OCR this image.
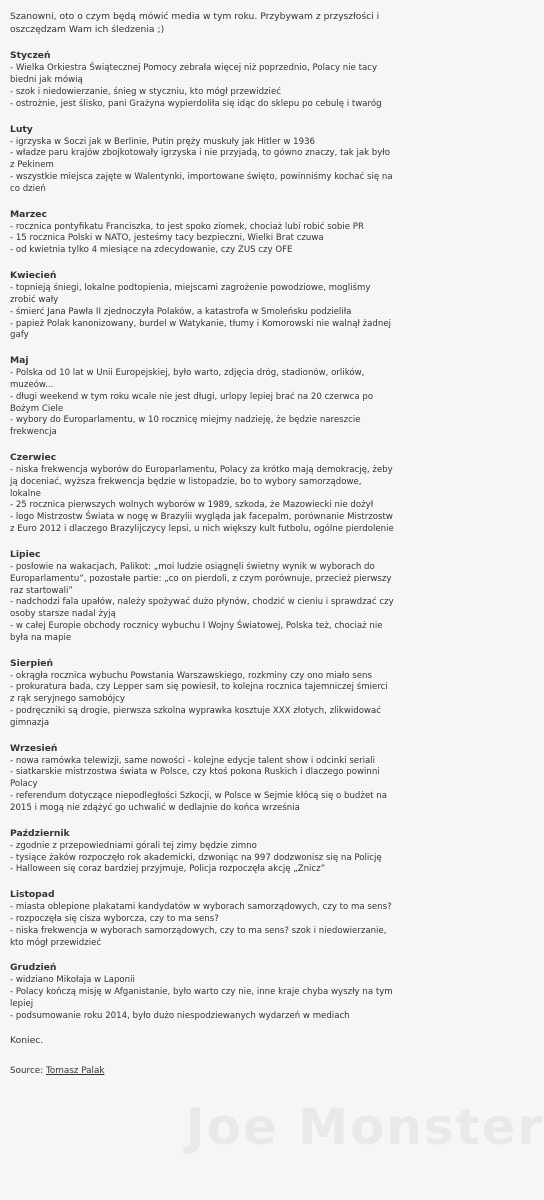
Szanowni, oto o czym będą mówić media w tym roku. Przybywam z przyszłości i oszczędzam Wam ich śledzenia ;)

Styczeń
- Wielka Orkiestra Świątecznej Pomocy zebrała więcej niż poprzednio, Polacy nie tacy biedni jak mówią
- szok i niedowierzanie, śnieg w styczniu, kto mógł przewidzieć
- ostrożnie, jest ślisko, pani Grażyna wypierdoliła się idąc do sklepu po cebulę i twaróg
Luty
- igrzyska w Soczi jak w Berlinie, Putin pręży muskuły jak Hitler w 1936
- władze paru krajów zbojkotowały igrzyska i nie przyjadą, to gówno znaczy, tak jak było z Pekinem
- wszystkie miejsca zajęte w Walentynki, importowane święto, powinniśmy kochać się na co dzień
Marzec
- rocznica pontyfikatu Franciszka, to jest spoko ziomek, chociaż lubi robić sobie PR
- 15 rocznica Polski w NATO, jesteśmy tacy bezpieczni, Wielki Brat czuwa
- od kwietnia tylko 4 miesiące na zdecydowanie, czy ZUS czy OFE
Kwiecień
- topnieją śniegi, lokalne podtopienia, miejscami zagrożenie powodziowe, mogliśmy zrobić wały
- śmierć Jana Pawła II zjednoczyła Polaków, a katastrofa w Smoleńsku podzieliła
- papież Polak kanonizowany, burdel w Watykanie, tłumy i Komorowski nie walnął żadnej gafy
Maj
- Polska od 10 lat w Unii Europejskiej, było warto, zdjęcia dróg, stadionów, orlików, muzeów...
- długi weekend w tym roku wcale nie jest długi, urlopy lepiej brać na 20 czerwca po Bożym Ciele
- wybory do Europarlamentu, w 10 rocznicę miejmy nadzieję, że będzie nareszcie frekwencja
Czerwiec
- niska frekwencja wyborów do Europarlamentu, Polacy za krótko mają demokrację, żeby ją doceniać, wyższa frekwencja będzie w listopadzie, bo to wybory samorządowe, lokalne
- 25 rocznica pierwszych wolnych wyborów w 1989, szkoda, że Mazowiecki nie dożył
- logo Mistrzostw Świata w nogę w Brazylii wygląda jak facepalm, porównanie Mistrzostw z Euro 2012 i dlaczego Brazylijczycy lepsi, u nich większy kult futbolu, ogólne pierdolenie
Lipiec
- posłowie na wakacjach, Palikot: „moi ludzie osiągnęli świetny wynik w wyborach do Europarlamentu”, pozostałe partie: „co on pierdoli, z czym porównuje, przecież pierwszy raz startowali”
- nadchodzi fala upałów, należy spożywać dużo płynów, chodzić w cieniu i sprawdzać czy osoby starsze nadal żyją
- w całej Europie obchody rocznicy wybuchu I Wojny Światowej, Polska też, chociaż nie była na mapie
Sierpień
- okrągła rocznica wybuchu Powstania Warszawskiego, rozkminy czy ono miało sens
- prokuratura bada, czy Lepper sam się powiesił, to kolejna rocznica tajemniczej śmierci z rąk seryjnego samobójcy
- podręczniki są drogie, pierwsza szkolna wyprawka kosztuje XXX złotych, zlikwidować gimnazja
Wrzesień
- nowa ramówka telewizji, same nowości - kolejne edycje talent show i odcinki seriali
- siatkarskie mistrzostwa świata w Polsce, czy ktoś pokona Ruskich i dlaczego powinni Polacy
- referendum dotyczące niepodległości Szkocji, w Polsce w Sejmie kłócą się o budżet na 2015 i mogą nie zdążyć go uchwalić w dedlajnie do końca września
Październik
- zgodnie z przepowiedniami górali tej zimy będzie zimno
- tysiące żaków rozpoczęło rok akademicki, dzwoniąc na 997 dodzwonisz się na Policję
- Halloween się coraz bardziej przyjmuje, Policja rozpoczęła akcję „Znicz”
Listopad
- miasta oblepione plakatami kandydatów w wyborach samorządowych, czy to ma sens?
- rozpoczęła się cisza wyborcza, czy to ma sens?
- niska frekwencja w wyborach samorządowych, czy to ma sens? szok i niedowierzanie, kto mógł przewidzieć
Grudzień
- widziano Mikołaja w Laponii
- Polacy kończą misję w Afganistanie, było warto czy nie, inne kraje chyba wyszły na tym lepiej
- podsumowanie roku 2014, było dużo niespodziewanych wydarzeń w mediach

Koniec.

Source: Tomasz Palak

Joe Monster
